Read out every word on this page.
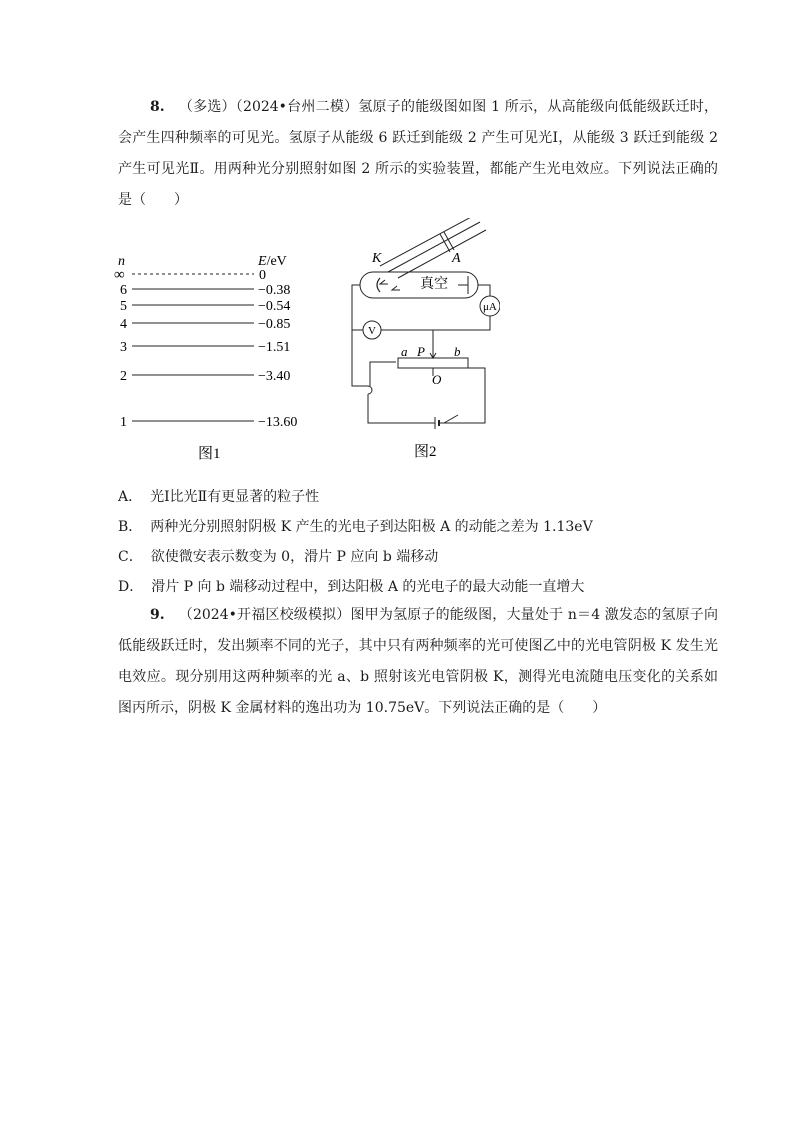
8. （多选）（2024•台州二模）氢原子的能级图如图 1 所示，从高能级向低能级跃迁时，会产生四种频率的可见光。氢原子从能级 6 跃迁到能级 2 产生可见光Ⅰ，从能级 3 跃迁到能级 2 产生可见光Ⅱ。用两种光分别照射如图 2 所示的实验装置，都能产生光电效应。下列说法正确的是（　　）

n	E/eV
∞	0
6	−0.38
5	−0.54
4	−0.85
3	−1.51
2	−3.40
1	−13.60
图1
K	A
真空
μA
V
a P b
O
图2

A． 光Ⅰ比光Ⅱ有更显著的粒子性

B． 两种光分别照射阴极 K 产生的光电子到达阳极 A 的动能之差为 1.13eV

C． 欲使微安表示数变为 0，滑片 P 应向 b 端移动

D． 滑片 P 向 b 端移动过程中，到达阳极 A 的光电子的最大动能一直增大

9. （2024•开福区校级模拟）图甲为氢原子的能级图，大量处于 n＝4 激发态的氢原子向低能级跃迁时，发出频率不同的光子，其中只有两种频率的光可使图乙中的光电管阴极 K 发生光电效应。现分别用这两种频率的光 a、b 照射该光电管阴极 K，测得光电流随电压变化的关系如图丙所示，阴极 K 金属材料的逸出功为 10.75eV。下列说法正确的是（　　）
